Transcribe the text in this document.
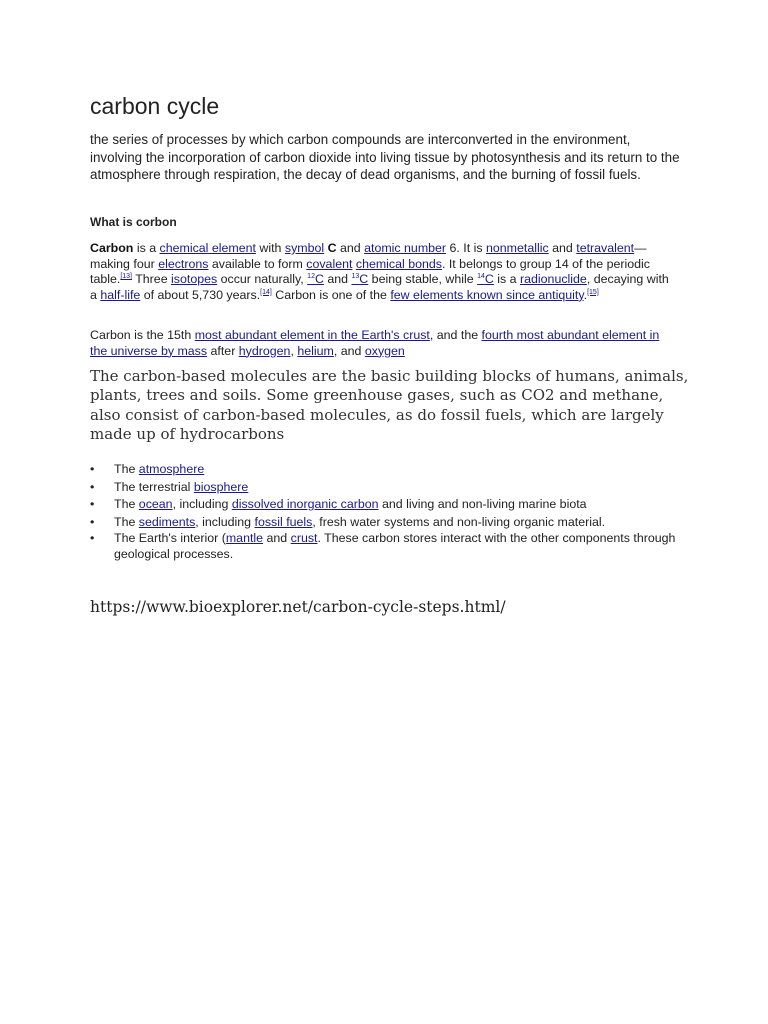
carbon cycle

the series of processes by which carbon compounds are interconverted in the environment, involving the incorporation of carbon dioxide into living tissue by photosynthesis and its return to the atmosphere through respiration, the decay of dead organisms, and the burning of fossil fuels.

What is corbon

Carbon is a chemical element with symbol C and atomic number 6. It is nonmetallic and tetravalent—making four electrons available to form covalent chemical bonds. It belongs to group 14 of the periodic table.[13] Three isotopes occur naturally, $^{12}$C and $^{13}$C being stable, while $^{14}$C is a radionuclide, decaying with a half-life of about 5,730 years.[14] Carbon is one of the few elements known since antiquity.[15]

Carbon is the 15th most abundant element in the Earth's crust, and the fourth most abundant element in the universe by mass after hydrogen, helium, and oxygen

The carbon-based molecules are the basic building blocks of humans, animals, plants, trees and soils. Some greenhouse gases, such as CO2 and methane, also consist of carbon-based molecules, as do fossil fuels, which are largely made up of hydrocarbons

• The atmosphere
• The terrestrial biosphere
• The ocean, including dissolved inorganic carbon and living and non-living marine biota
• The sediments, including fossil fuels, fresh water systems and non-living organic material.
• The Earth's interior (mantle and crust. These carbon stores interact with the other components through geological processes.

https://www.bioexplorer.net/carbon-cycle-steps.html/
